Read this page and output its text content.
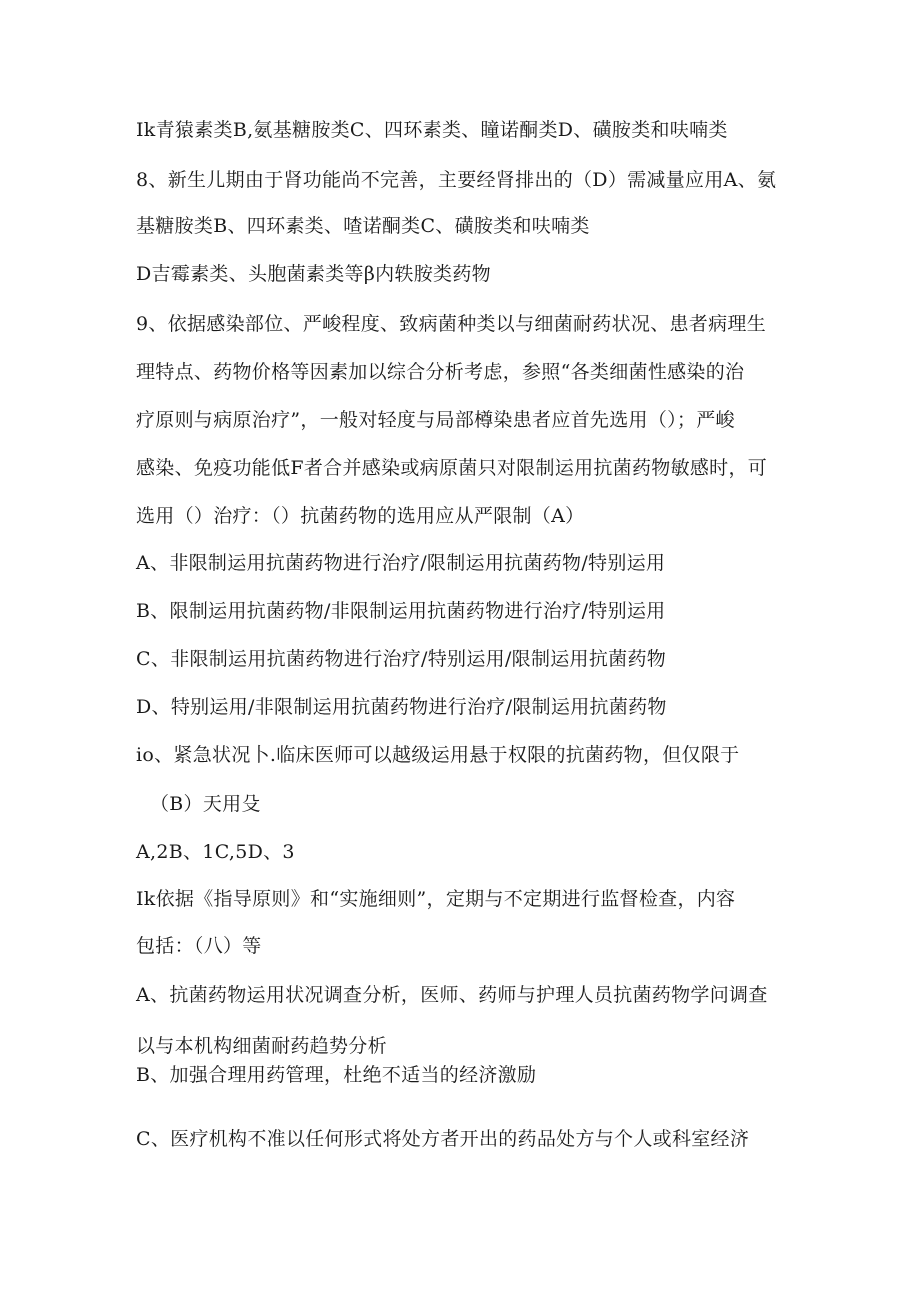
Ik青猿素类B,氨基糖胺类C、四环素类、瞳诺酮类D、磺胺类和呋喃类
8、新生儿期由于肾功能尚不完善，主要经肾排出的（D）需减量应用A、氨
基糖胺类B、四环素类、喳诺酮类C、磺胺类和呋喃类
D吉霉素类、头胞菌素类等β内轶胺类药物
9、依据感染部位、严峻程度、致病菌种类以与细菌耐药状况、患者病理生
理特点、药物价格等因素加以综合分析考虑，参照“各类细菌性感染的治
疗原则与病原治疗”，一般对轻度与局部樽染患者应首先选用（）；严峻
感染、免疫功能低F者合并感染或病原菌只对限制运用抗菌药物敏感时，可
选用（）治疗：（）抗菌药物的选用应从严限制（A）
A、非限制运用抗菌药物进行治疗/限制运用抗菌药物/特别运用
B、限制运用抗菌药物/非限制运用抗菌药物进行治疗/特别运用
C、非限制运用抗菌药物进行治疗/特别运用/限制运用抗菌药物
D、特别运用/非限制运用抗菌药物进行治疗/限制运用抗菌药物
io、紧急状况卜.临床医师可以越级运用悬于权限的抗菌药物，但仅限于
（B）天用殳
A,2B、1C,5D、3
Ik依据《指导原则》和“实施细则”，定期与不定期进行监督检查，内容
包括：（八）等
A、抗菌药物运用状况调查分析，医师、药师与护理人员抗菌药物学问调查
以与本机构细菌耐药趋势分析
B、加强合理用药管理，杜绝不适当的经济激励
C、医疗机构不准以任何形式将处方者开出的药品处方与个人或科室经济
